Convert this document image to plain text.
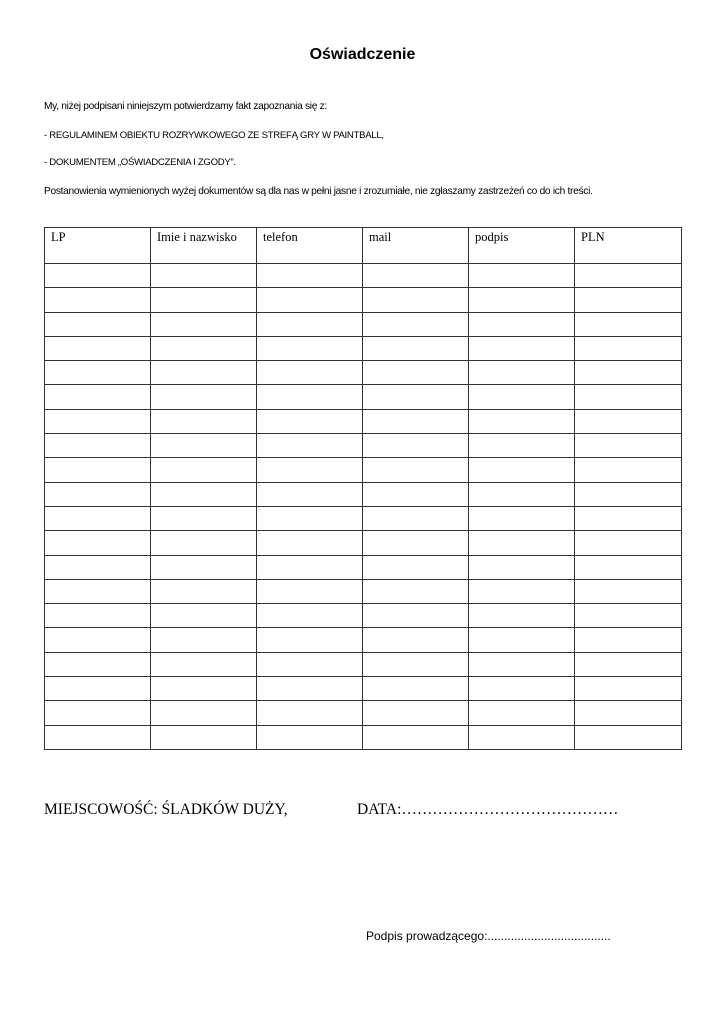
Oświadczenie
My, niżej podpisani niniejszym potwierdzamy fakt zapoznania się z:
- REGULAMINEM OBIEKTU ROZRYWKOWEGO ZE STREFĄ GRY W PAINTBALL,
- DOKUMENTEM „OŚWIADCZENIA I ZGODY”.
Postanowienia wymienionych wyżej dokumentów są dla nas w pełni jasne i zrozumiałe, nie zgłaszamy zastrzeżeń co do ich treści.
LP	Imie i nazwisko	telefon	mail	podpis	PLN

MIEJSCOWOŚĆ: ŚLADKÓW DUŻY,	DATA:……………………………………
Podpis prowadzącego:.....................................
